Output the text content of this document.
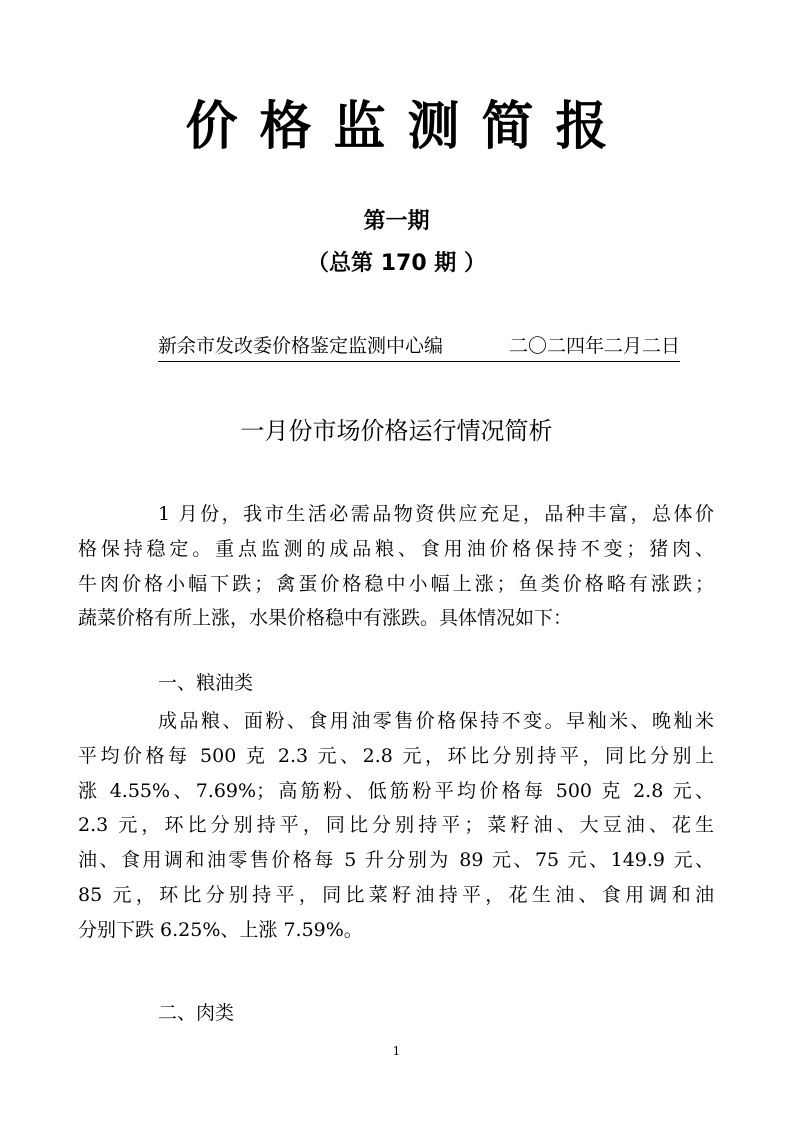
价格监测简报
第一期
（总第 170 期 ）
新余市发改委价格鉴定监测中心编	二〇二四年二月二日
一月份市场价格运行情况简析
1 月份，我市生活必需品物资供应充足，品种丰富，总体价
格保持稳定。重点监测的成品粮、食用油价格保持不变；猪肉、
牛肉价格小幅下跌；禽蛋价格稳中小幅上涨；鱼类价格略有涨跌；
蔬菜价格有所上涨，水果价格稳中有涨跌。具体情况如下：
一、粮油类
成品粮、面粉、食用油零售价格保持不变。早籼米、晚籼米
平均价格每 500 克 2.3 元、2.8 元，环比分别持平，同比分别上
涨 4.55%、7.69%；高筋粉、低筋粉平均价格每 500 克 2.8 元、
2.3 元，环比分别持平，同比分别持平；菜籽油、大豆油、花生
油、食用调和油零售价格每 5 升分别为 89 元、75 元、149.9 元、
85 元，环比分别持平，同比菜籽油持平，花生油、食用调和油
分别下跌 6.25%、上涨 7.59%。
二、肉类
1
